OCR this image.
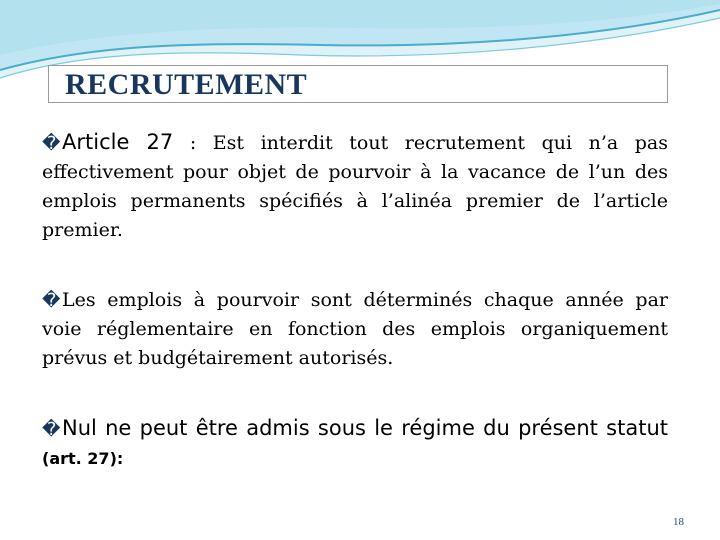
RECRUTEMENT

�Article 27 : Est interdit tout recrutement qui n’a pas effectivement pour objet de pourvoir à la vacance de l’un des emplois permanents spécifiés à l’alinéa premier de l’article premier.

�Les emplois à pourvoir sont déterminés chaque année par voie réglementaire en fonction des emplois organiquement prévus et budgétairement autorisés.

�Nul ne peut être admis sous le régime du présent statut (art. 27):

18
